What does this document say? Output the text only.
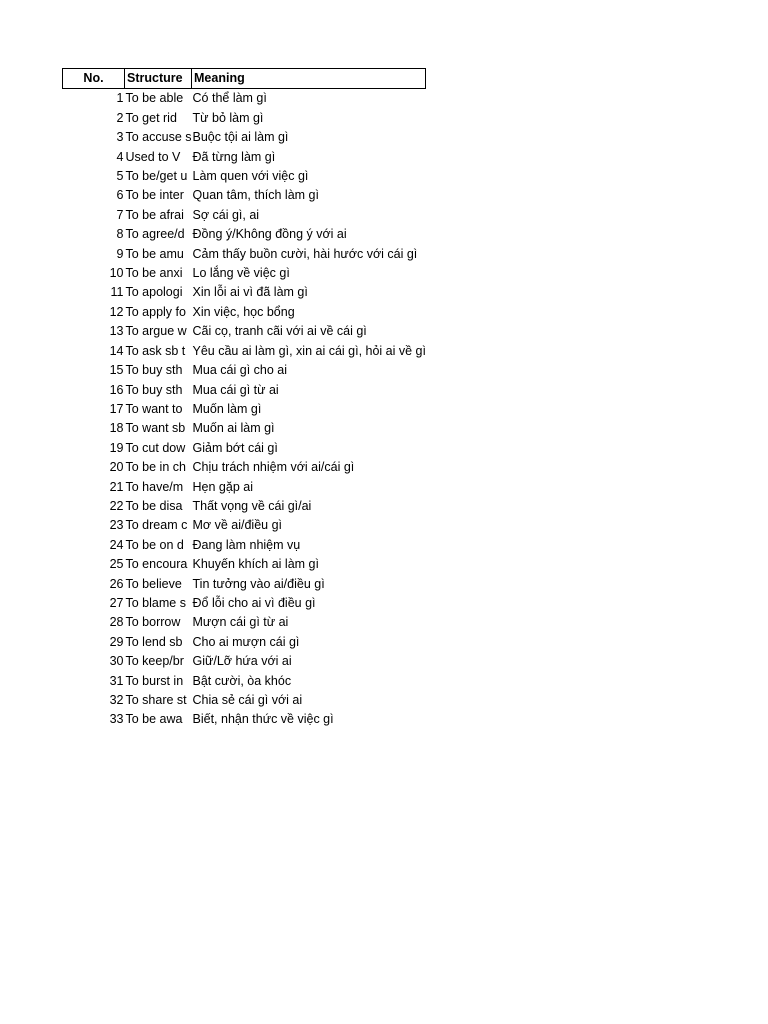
No.	Structure	Meaning
1	To be able	Có thể làm gì
2	To get rid	Từ bỏ làm gì
3	To accuse s	Buộc tội ai làm gì
4	Used to V	Đã từng làm gì
5	To be/get u	Làm quen với việc gì
6	To be inter	Quan tâm, thích làm gì
7	To be afrai	Sợ cái gì, ai
8	To agree/d	Đồng ý/Không đồng ý với ai
9	To be amu	Cảm thấy buồn cười, hài hước với cái gì
10	To be anxi	Lo lắng về việc gì
11	To apologi	Xin lỗi ai vì đã làm gì
12	To apply fo	Xin việc, học bổng
13	To argue w	Cãi cọ, tranh cãi với ai về cái gì
14	To ask sb t	Yêu cầu ai làm gì, xin ai cái gì, hỏi ai về gì
15	To buy sth	Mua cái gì cho ai
16	To buy sth	Mua cái gì từ ai
17	To want to	Muốn làm gì
18	To want sb	Muốn ai làm gì
19	To cut dow	Giảm bớt cái gì
20	To be in ch	Chịu trách nhiệm với ai/cái gì
21	To have/m	Hẹn gặp ai
22	To be disa	Thất vọng về cái gì/ai
23	To dream c	Mơ về ai/điều gì
24	To be on d	Đang làm nhiệm vụ
25	To encoura	Khuyến khích ai làm gì
26	To believe	Tin tưởng vào ai/điều gì
27	To blame s	Đổ lỗi cho ai vì điều gì
28	To borrow	Mượn cái gì từ ai
29	To lend sb	Cho ai mượn cái gì
30	To keep/br	Giữ/Lỡ hứa với ai
31	To burst in	Bật cười, òa khóc
32	To share st	Chia sẻ cái gì với ai
33	To be awa	Biết, nhận thức về việc gì
